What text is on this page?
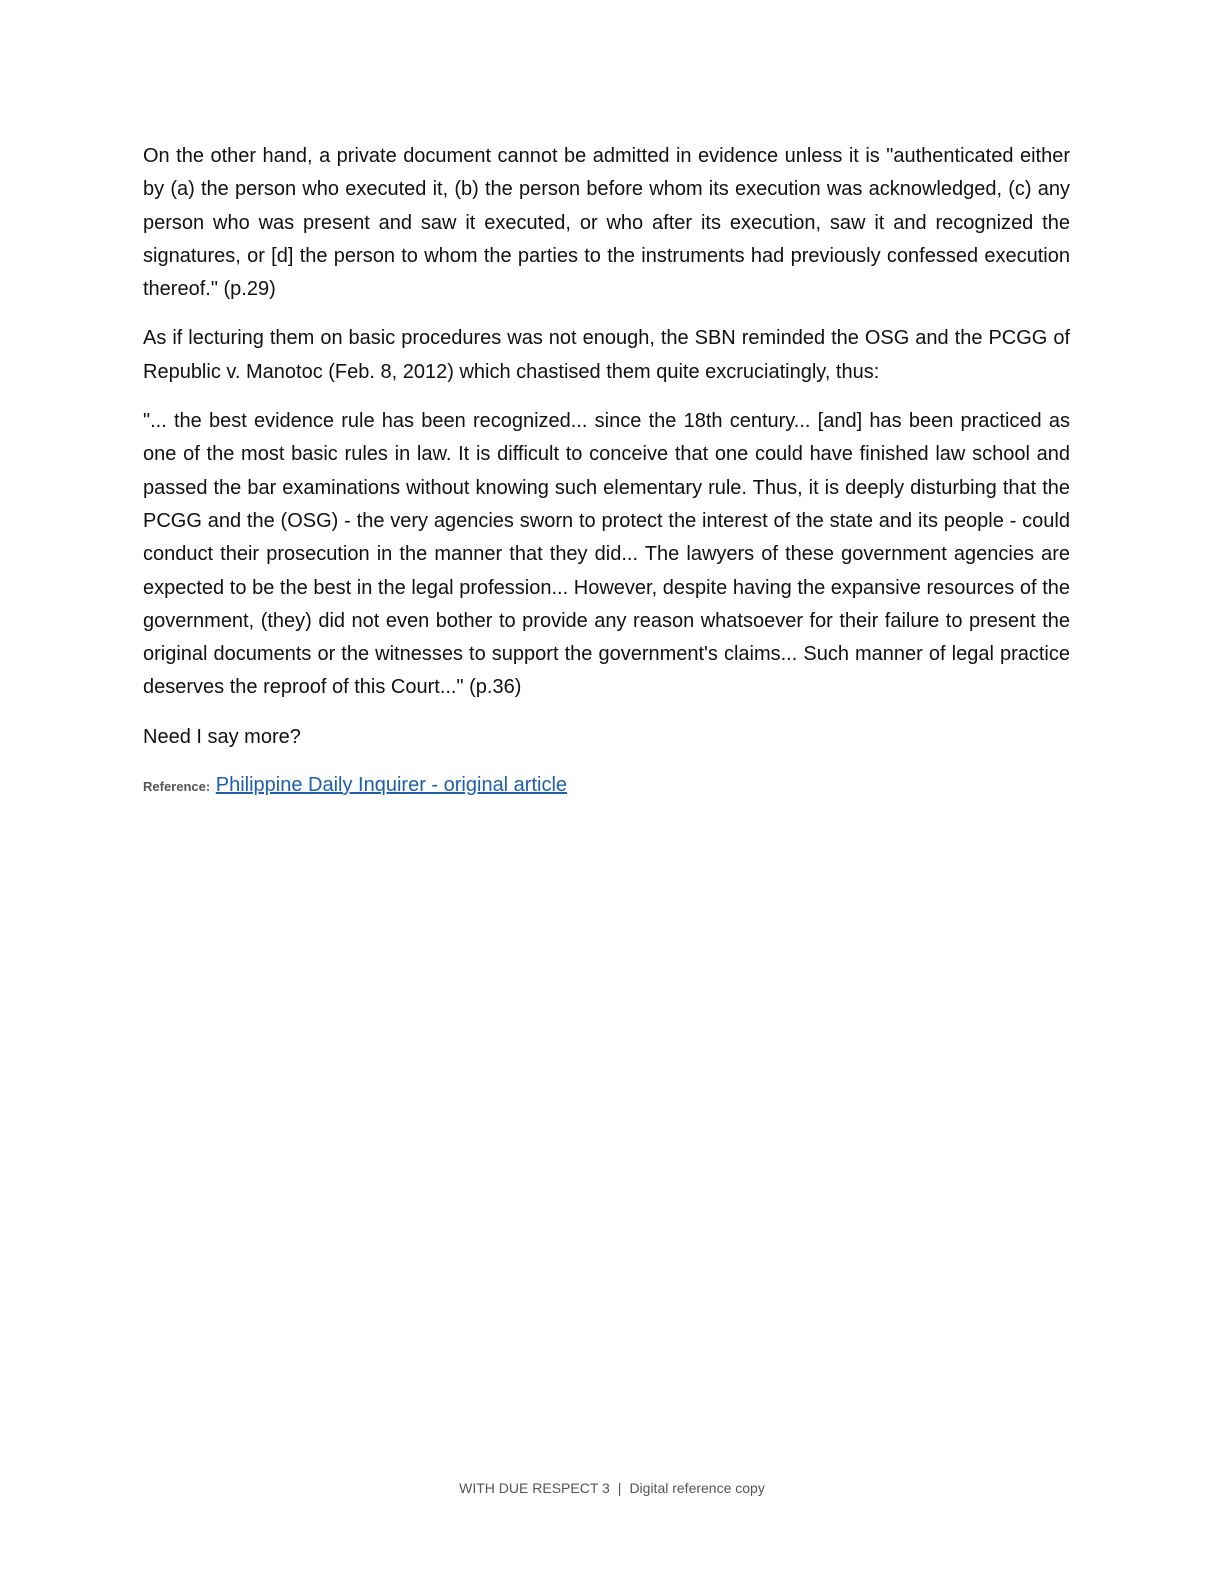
On the other hand, a private document cannot be admitted in evidence unless it is "authenticated either by (a) the person who executed it, (b) the person before whom its execution was acknowledged, (c) any person who was present and saw it executed, or who after its execution, saw it and recognized the signatures, or [d] the person to whom the parties to the instruments had previously confessed execution thereof." (p.29)

As if lecturing them on basic procedures was not enough, the SBN reminded the OSG and the PCGG of Republic v. Manotoc (Feb. 8, 2012) which chastised them quite excruciatingly, thus:

"... the best evidence rule has been recognized... since the 18th century... [and] has been practiced as one of the most basic rules in law. It is difficult to conceive that one could have finished law school and passed the bar examinations without knowing such elementary rule. Thus, it is deeply disturbing that the PCGG and the (OSG) - the very agencies sworn to protect the interest of the state and its people - could conduct their prosecution in the manner that they did... The lawyers of these government agencies are expected to be the best in the legal profession... However, despite having the expansive resources of the government, (they) did not even bother to provide any reason whatsoever for their failure to present the original documents or the witnesses to support the government's claims... Such manner of legal practice deserves the reproof of this Court..." (p.36)

Need I say more?

Reference: Philippine Daily Inquirer - original article
WITH DUE RESPECT 3 | Digital reference copy
